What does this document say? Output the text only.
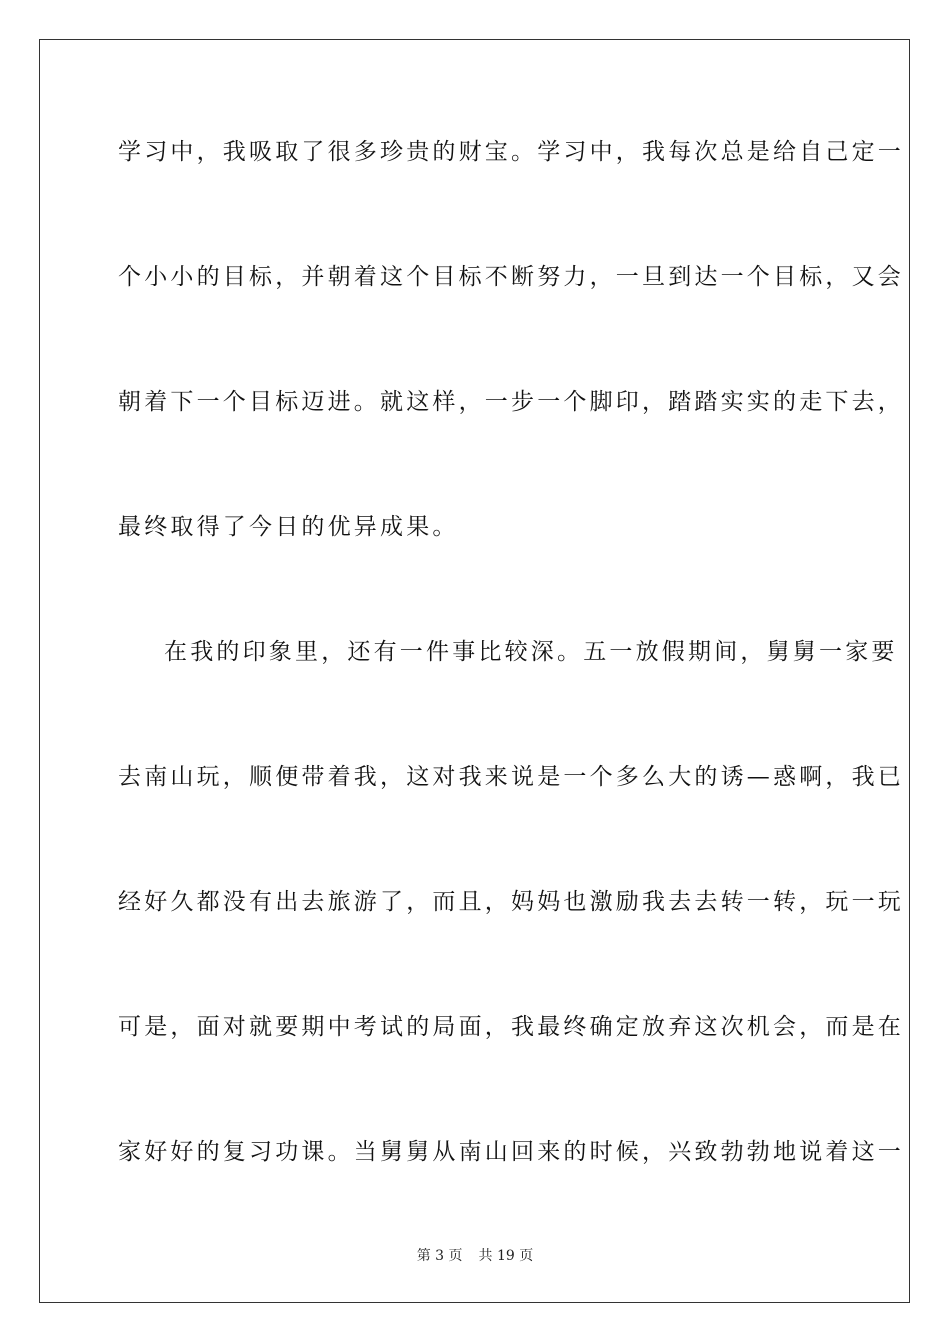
学习中，我吸取了很多珍贵的财宝。学习中，我每次总是给自己定一
个小小的目标，并朝着这个目标不断努力，一旦到达一个目标，又会
朝着下一个目标迈进。就这样，一步一个脚印，踏踏实实的走下去，
最终取得了今日的优异成果。
在我的印象里，还有一件事比较深。五一放假期间，舅舅一家要
去南山玩，顺便带着我，这对我来说是一个多么大的诱—惑啊，我已
经好久都没有出去旅游了，而且，妈妈也激励我去去转一转，玩一玩
可是，面对就要期中考试的局面，我最终确定放弃这次机会，而是在
家好好的复习功课。当舅舅从南山回来的时候，兴致勃勃地说着这一
第 3 页 共 19 页
